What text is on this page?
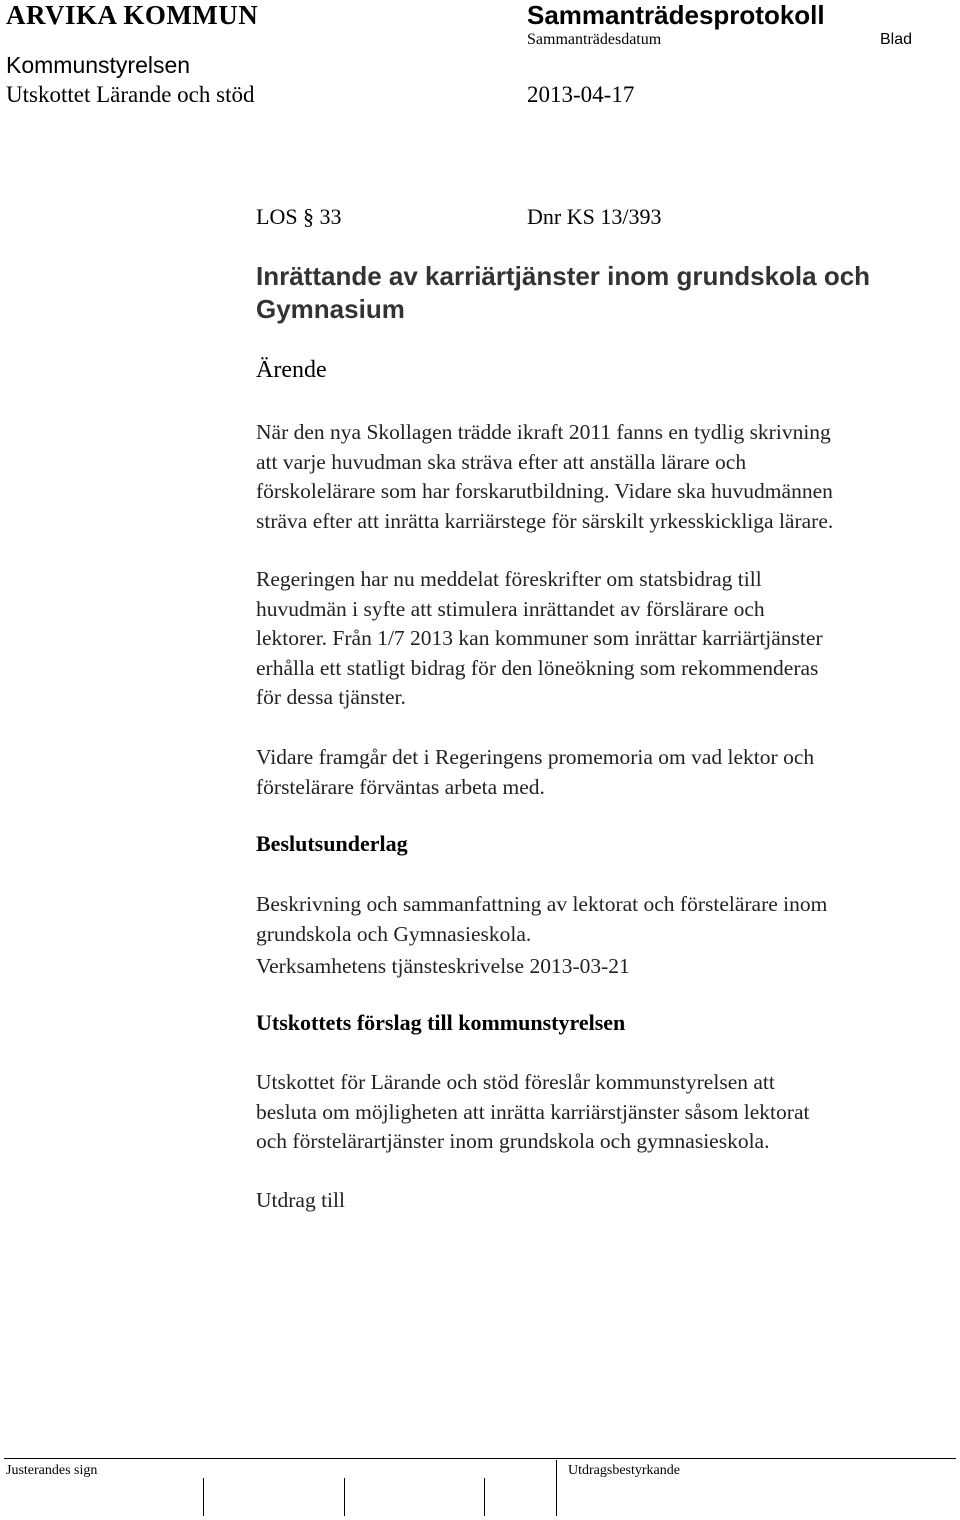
ARVIKA KOMMUN	Sammanträdesprotokoll
Sammanträdesdatum	Blad
Kommunstyrelsen
Utskottet Lärande och stöd	2013-04-17
LOS § 33	Dnr KS 13/393
Inrättande av karriärtjänster inom grundskola och
Gymnasium
Ärende
När den nya Skollagen trädde ikraft 2011 fanns en tydlig skrivning
att varje huvudman ska sträva efter att anställa lärare och
förskolelärare som har forskarutbildning. Vidare ska huvudmännen
sträva efter att inrätta karriärstege för särskilt yrkesskickliga lärare.
Regeringen har nu meddelat föreskrifter om statsbidrag till
huvudmän i syfte att stimulera inrättandet av förslärare och
lektorer. Från 1/7 2013 kan kommuner som inrättar karriärtjänster
erhålla ett statligt bidrag för den löneökning som rekommenderas
för dessa tjänster.
Vidare framgår det i Regeringens promemoria om vad lektor och
förstelärare förväntas arbeta med.
Beslutsunderlag
Beskrivning och sammanfattning av lektorat och förstelärare inom
grundskola och Gymnasieskola.
Verksamhetens tjänsteskrivelse 2013-03-21
Utskottets förslag till kommunstyrelsen
Utskottet för Lärande och stöd föreslår kommunstyrelsen att
besluta om möjligheten att inrätta karriärstjänster såsom lektorat
och förstelärartjänster inom grundskola och gymnasieskola.
Utdrag till
Justerandes sign	Utdragsbestyrkande
